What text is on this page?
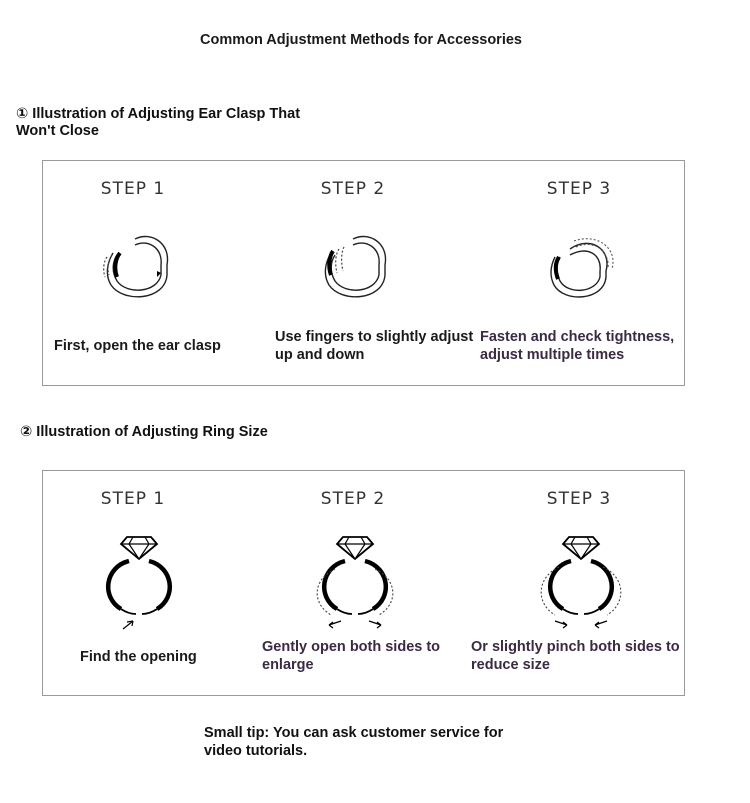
Common Adjustment Methods for Accessories
① Illustration of Adjusting Ear Clasp That Won't Close
STEP 1
First, open the ear clasp
STEP 2
Use fingers to slightly adjust up and down
STEP 3
Fasten and check tightness, adjust multiple times
② Illustration of Adjusting Ring Size
STEP 1
Find the opening
STEP 2
Gently open both sides to enlarge
STEP 3
Or slightly pinch both sides to reduce size
Small tip: You can ask customer service for video tutorials.
